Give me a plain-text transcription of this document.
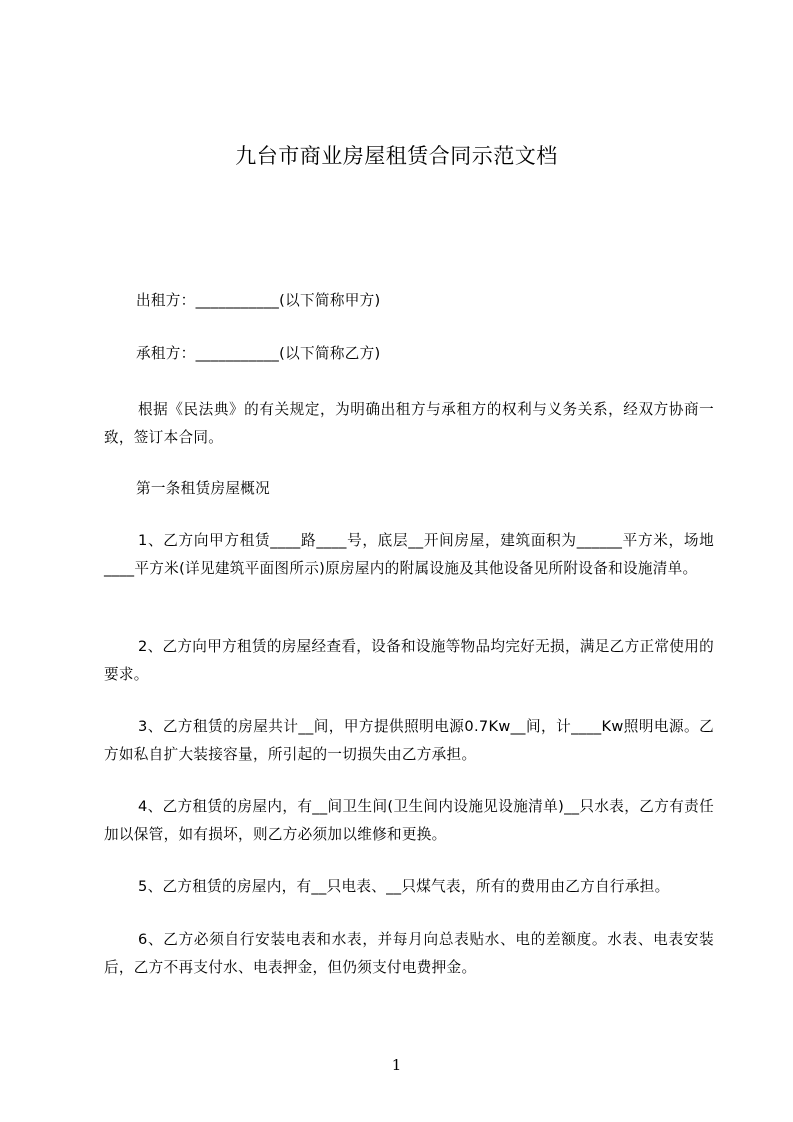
九台市商业房屋租赁合同示范文档

出租方：___________(以下简称甲方)

承租方：___________(以下简称乙方)

根据《民法典》的有关规定，为明确出租方与承租方的权利与义务关系，经双方协商一致，签订本合同。

第一条租赁房屋概况

1、乙方向甲方租赁____路____号，底层__开间房屋，建筑面积为______平方米，场地____平方米(详见建筑平面图所示)原房屋内的附属设施及其他设备见所附设备和设施清单。

2、乙方向甲方租赁的房屋经查看，设备和设施等物品均完好无损，满足乙方正常使用的要求。

3、乙方租赁的房屋共计__间，甲方提供照明电源0.7Kw__间，计____Kw照明电源。乙方如私自扩大装接容量，所引起的一切损失由乙方承担。

4、乙方租赁的房屋内，有__间卫生间(卫生间内设施见设施清单)__只水表，乙方有责任加以保管，如有损坏，则乙方必须加以维修和更换。

5、乙方租赁的房屋内，有__只电表、__只煤气表，所有的费用由乙方自行承担。

6、乙方必须自行安装电表和水表，并每月向总表贴水、电的差额度。水表、电表安装后，乙方不再支付水、电表押金，但仍须支付电费押金。

1
